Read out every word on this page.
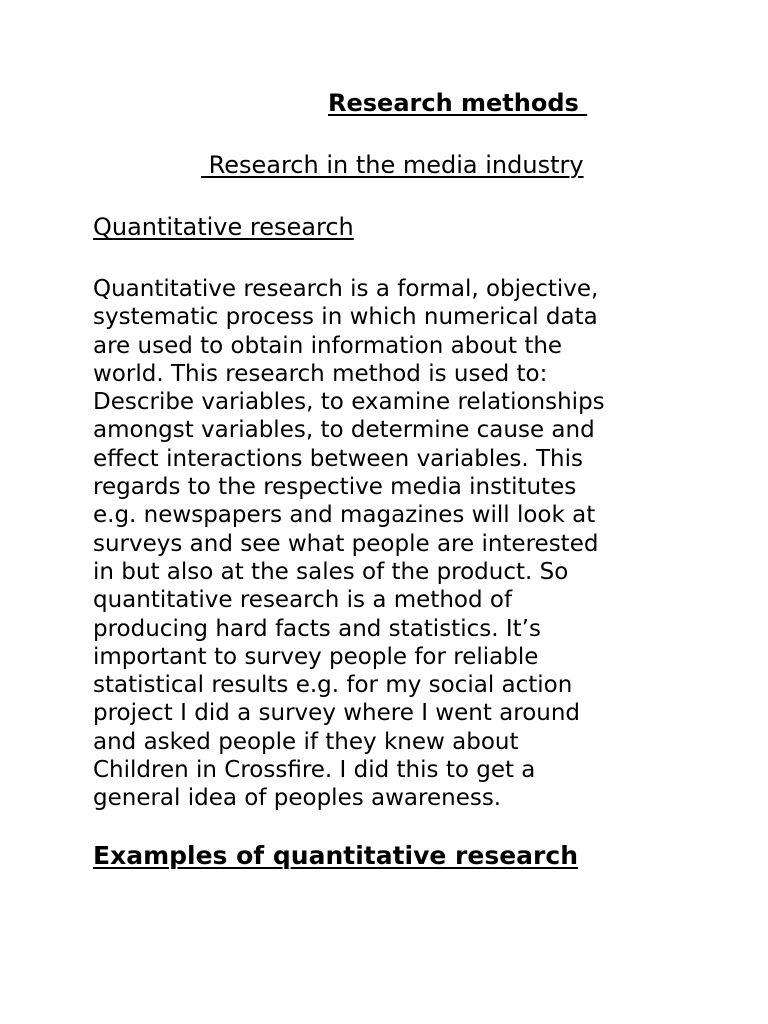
Research methods
Research in the media industry
Quantitative research

Quantitative research is a formal, objective,
systematic process in which numerical data
are used to obtain information about the
world. This research method is used to:
Describe variables, to examine relationships
amongst variables, to determine cause and
effect interactions between variables. This
regards to the respective media institutes
e.g. newspapers and magazines will look at
surveys and see what people are interested
in but also at the sales of the product. So
quantitative research is a method of
producing hard facts and statistics. It’s
important to survey people for reliable
statistical results e.g. for my social action
project I did a survey where I went around
and asked people if they knew about
Children in Crossfire. I did this to get a
general idea of peoples awareness.

Examples of quantitative research
